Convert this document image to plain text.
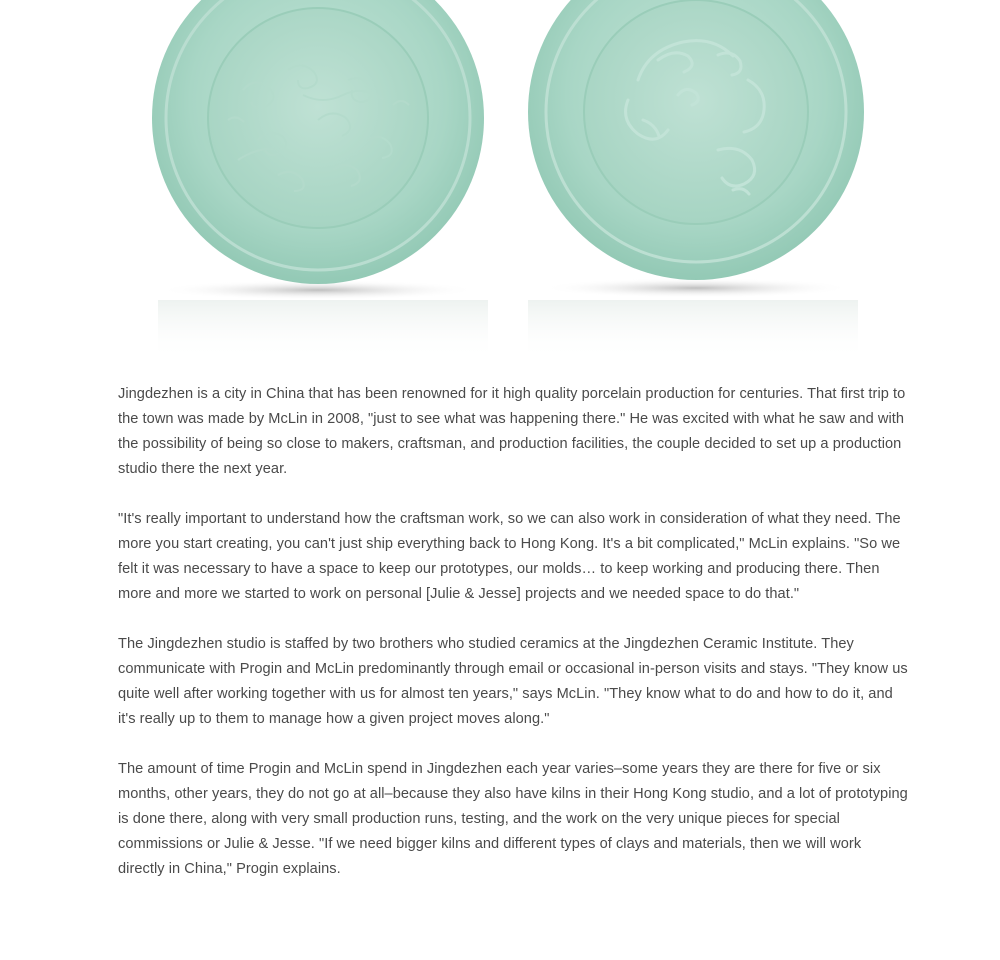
Jingdezhen is a city in China that has been renowned for it high quality porcelain production for centuries. That first trip to the town was made by McLin in 2008, "just to see what was happening there." He was excited with what he saw and with the possibility of being so close to makers, craftsman, and production facilities, the couple decided to set up a production studio there the next year.

"It's really important to understand how the craftsman work, so we can also work in consideration of what they need. The more you start creating, you can't just ship everything back to Hong Kong. It's a bit complicated," McLin explains. "So we felt it was necessary to have a space to keep our prototypes, our molds… to keep working and producing there. Then more and more we started to work on personal [Julie & Jesse] projects and we needed space to do that."

The Jingdezhen studio is staffed by two brothers who studied ceramics at the Jingdezhen Ceramic Institute. They communicate with Progin and McLin predominantly through email or occasional in-person visits and stays. "They know us quite well after working together with us for almost ten years," says McLin. "They know what to do and how to do it, and it's really up to them to manage how a given project moves along."

The amount of time Progin and McLin spend in Jingdezhen each year varies–some years they are there for five or six months, other years, they do not go at all–because they also have kilns in their Hong Kong studio, and a lot of prototyping is done there, along with very small production runs, testing, and the work on the very unique pieces for special commissions or Julie & Jesse. "If we need bigger kilns and different types of clays and materials, then we will work directly in China," Progin explains.
